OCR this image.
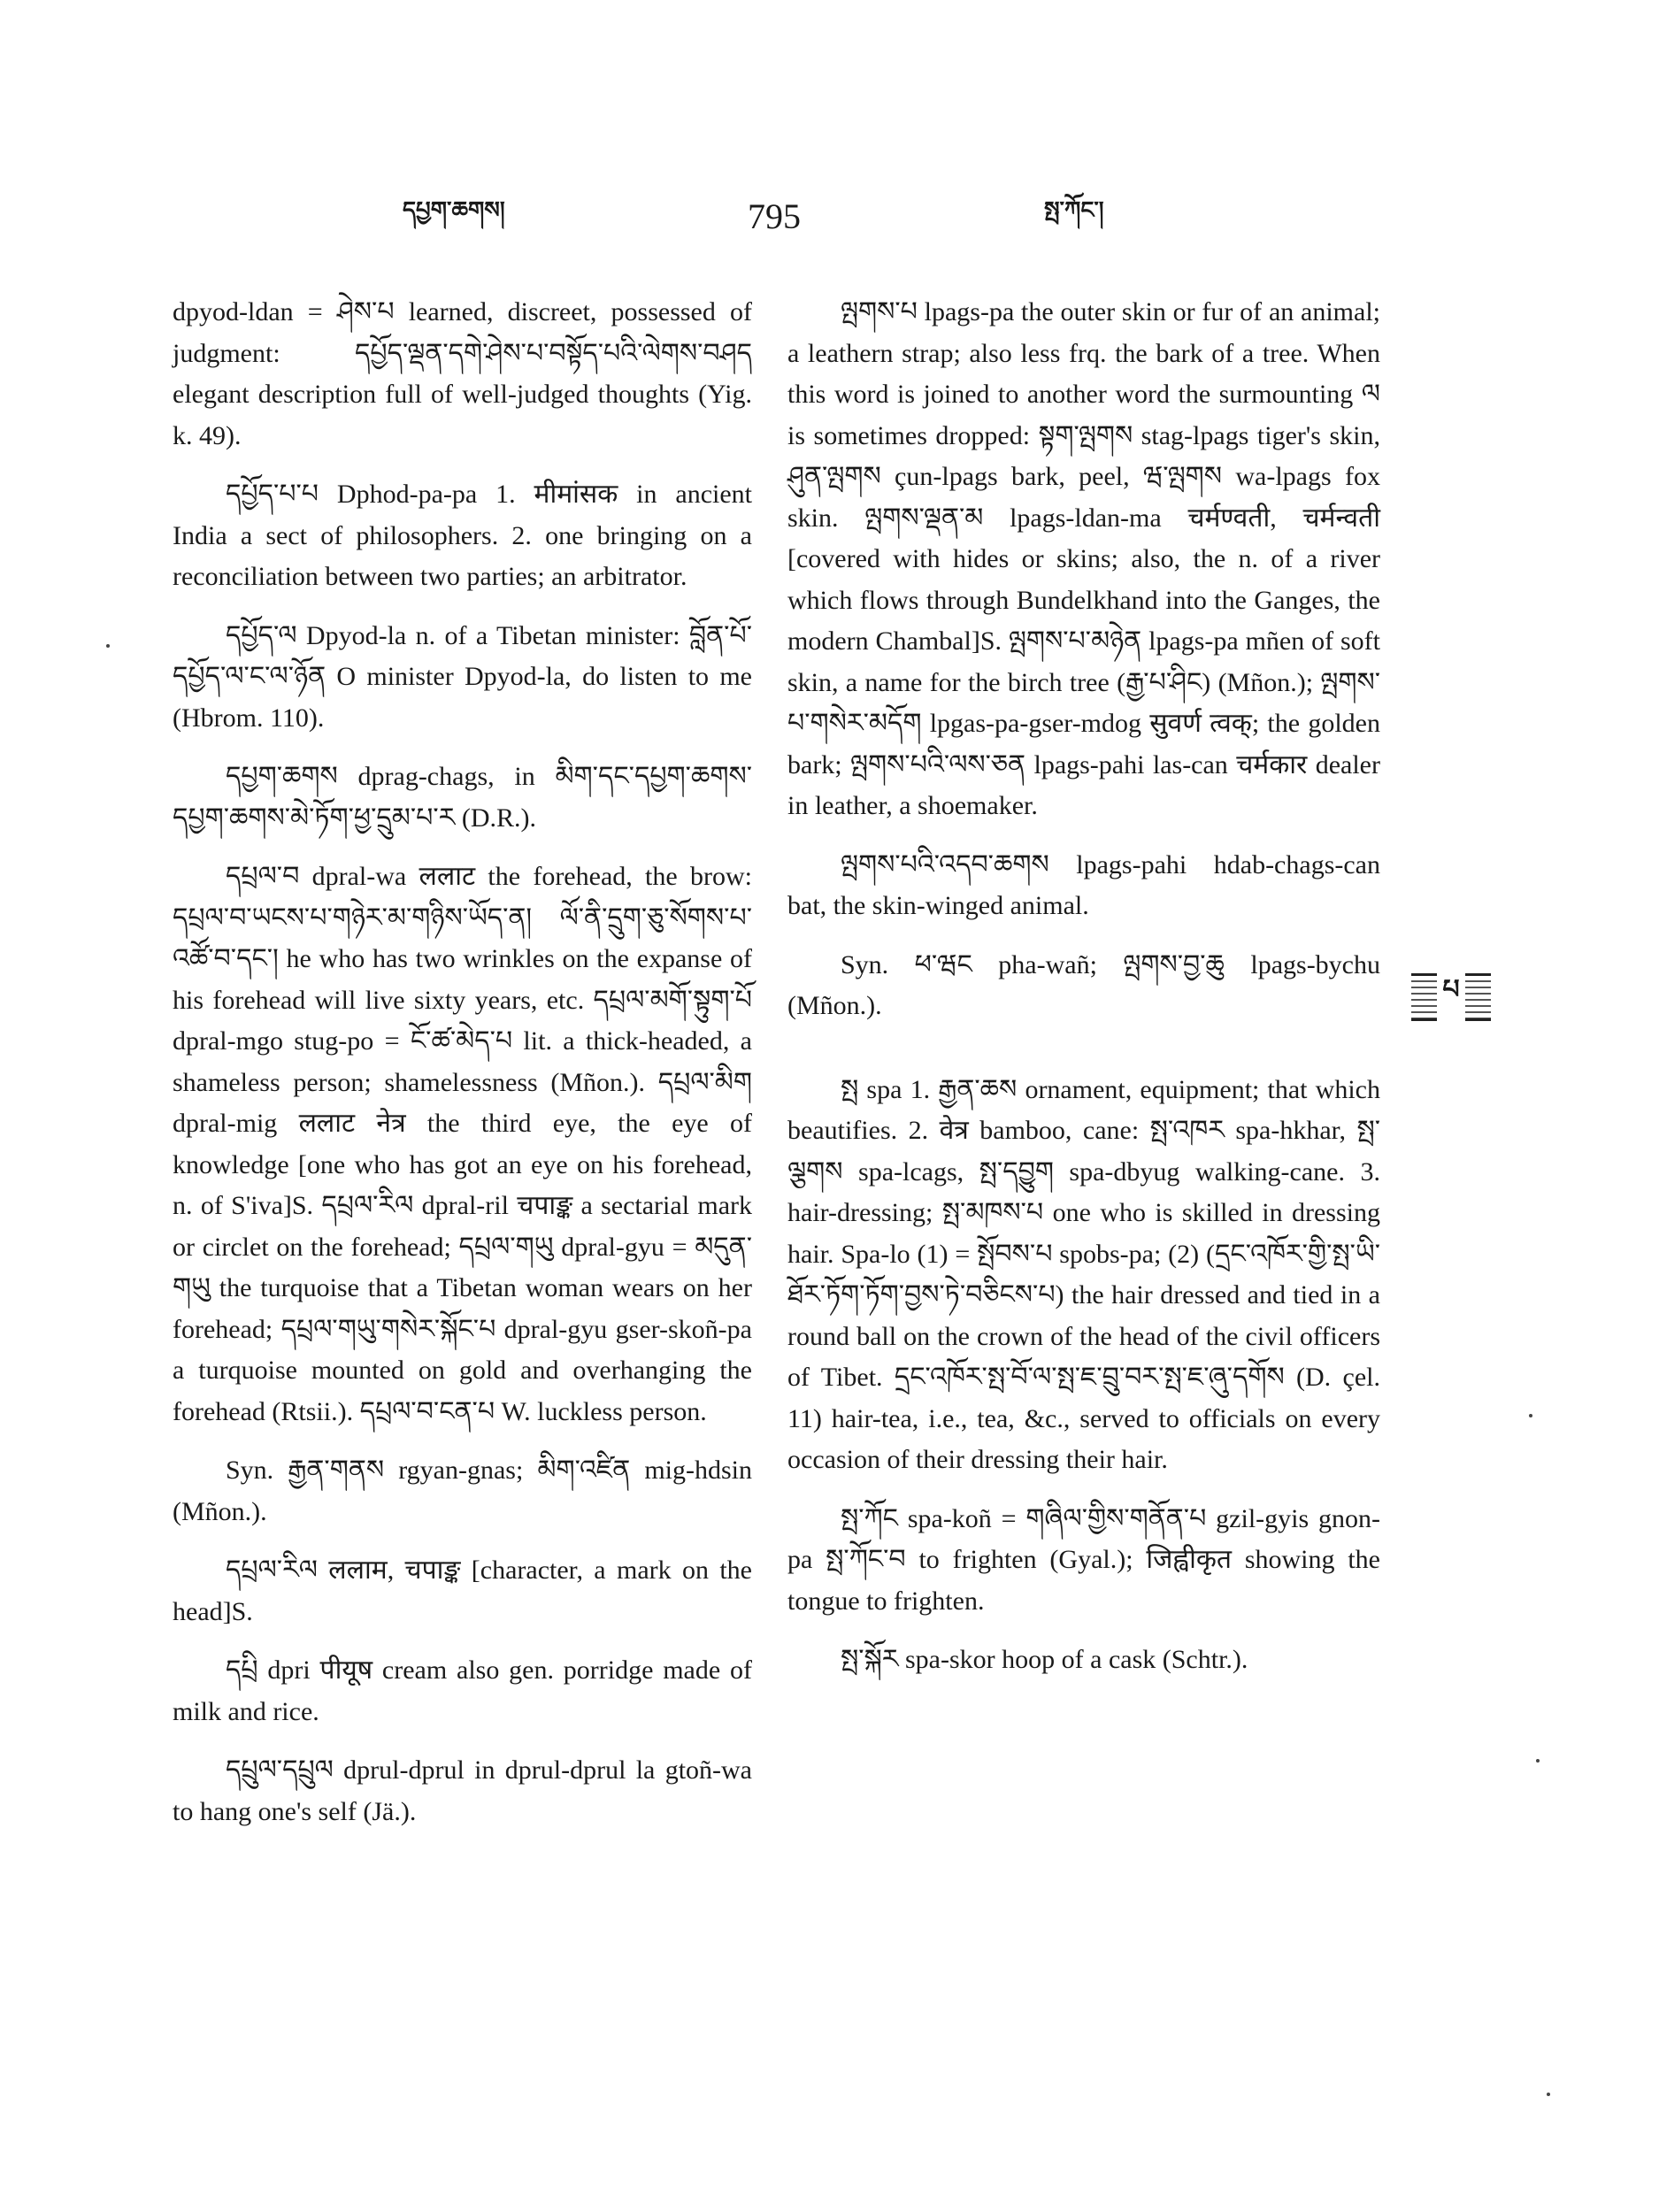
དཔྱག་ཆགས།	795	སྤ་ཀོང་།

dpyod-ldan = ཤེས་པ learned, discreet, possessed of judgment: དཔྱོད་ལྡན་དགེ་ཤེས་པ་བསྟོད་པའི་ལེགས་བཤད elegant description full of well-judged thoughts (Yig. k. 49).

དཔྱོད་པ་པ Dphod-pa-pa 1. मीमांसक in ancient India a sect of philosophers. 2. one bringing on a reconciliation between two parties; an arbitrator.

དཔྱོད་ལ Dpyod-la n. of a Tibetan minister: བློན་པོ་དཔྱོད་ལ་ང་ལ་ཉོན O minister Dpyod-la, do listen to me (Hbrom. 110).

དཔྱག་ཆགས dprag-chags, in མིག་དང་དཔྱག་ཆགས་དཔྱག་ཆགས་མེ་ཏོག་ཕྱ་དྲུམ་པ་ར (D.R.).

དཔྲལ་བ dpral-wa ललाट the forehead, the brow: དཔྲལ་བ་ཡངས་པ་གཉེར་མ་གཉིས་ཡོད་ན། ལོ་ནི་དྲུག་ཅུ་སོགས་པ་འཚོ་བ་དང་། he who has two wrinkles on the expanse of his forehead will live sixty years, etc. དཔྲལ་མགོ་སྟུག་པོ dpral-mgo stug-po = ངོ་ཚ་མེད་པ lit. a thick-headed, a shameless person; shamelessness (Mñon.). དཔྲལ་མིག dpral-mig ललाट नेत्र the third eye, the eye of knowledge [one who has got an eye on his forehead, n. of S'iva]S. དཔྲལ་རིལ dpral-ril चपाङ्क a sectarial mark or circlet on the forehead; དཔྲལ་གཡུ dpral-gyu = མདུན་གཡུ the turquoise that a Tibetan woman wears on her forehead; དཔྲལ་གཡུ་གསེར་སྐོང་པ dpral-gyu gser-skoñ-pa a turquoise mounted on gold and overhanging the forehead (Rtsii.). དཔྲལ་བ་ངན་པ W. luckless person.

Syn. རྒྱན་གནས rgyan-gnas; མིག་འཛིན mig-hdsin (Mñon.).

དཔྲལ་རིལ ललाम, चपाङ्क [character, a mark on the head]S.

དཔྲི dpri पीयूष cream also gen. porridge made of milk and rice.

དཔྲུལ་དཔྲུལ dprul-dprul in dprul-dprul la gtoñ-wa to hang one's self (Jä.).

ལྤགས་པ lpags-pa the outer skin or fur of an animal; a leathern strap; also less frq. the bark of a tree. When this word is joined to another word the surmounting ལ is sometimes dropped: སྟག་ལྤགས stag-lpags tiger's skin, ཤུན་ལྤགས çun-lpags bark, peel, ཝ་ལྤགས wa-lpags fox skin. ལྤགས་ལྡན་མ lpags-ldan-ma चर्मण्वती, चर्मन्वती [covered with hides or skins; also, the n. of a river which flows through Bundelkhand into the Ganges, the modern Chambal]S. ལྤགས་པ་མཉེན lpags-pa mñen of soft skin, a name for the birch tree (རྒྱ་པ་ཤིང) (Mñon.); ལྤགས་པ་གསེར་མདོག lpgas-pa-gser-mdog सुवर्ण त्वक्; the golden bark; ལྤགས་པའི་ལས་ཅན lpags-pahi las-can चर्मकार dealer in leather, a shoemaker.

ལྤགས་པའི་འདབ་ཆགས lpags-pahi hdab-chags-can bat, the skin-winged animal.

Syn. ཕ་ཝང pha-wañ; ལྤགས་བྱ་ཆུ lpags-bychu (Mñon.).

སྤ spa 1. རྒྱན་ཆས ornament, equipment; that which beautifies. 2. वेत्र bamboo, cane: སྤ་འཁར spa-hkhar, སྤ་ལྕགས spa-lcags, སྤ་དབྱུག spa-dbyug walking-cane. 3. hair-dressing; སྤ་མཁས་པ one who is skilled in dressing hair. Spa-lo (1) = སྤོབས་པ spobs-pa; (2) (དྲང་འཁོར་གྱི་སྤ་ཡི་ཐོར་ཏོག་ཏོག་བྱས་ཏེ་བཅིངས་པ) the hair dressed and tied in a round ball on the crown of the head of the civil officers of Tibet. དྲང་འཁོར་སྤ་བོ་ལ་སྤ་ཇ་བྲུ་བར་སྤ་ཇ་ཞུ་དགོས (D. çel. 11) hair-tea, i.e., tea, &c., served to officials on every occasion of their dressing their hair.

སྤ་ཀོང spa-koñ = གཞིལ་གྱིས་གནོན་པ gzil-gyis gnon-pa སྤ་ཀོང་བ to frighten (Gyal.); जिह्वीकृत showing the tongue to frighten.

སྤ་སྐོར spa-skor hoop of a cask (Schtr.).

པ
